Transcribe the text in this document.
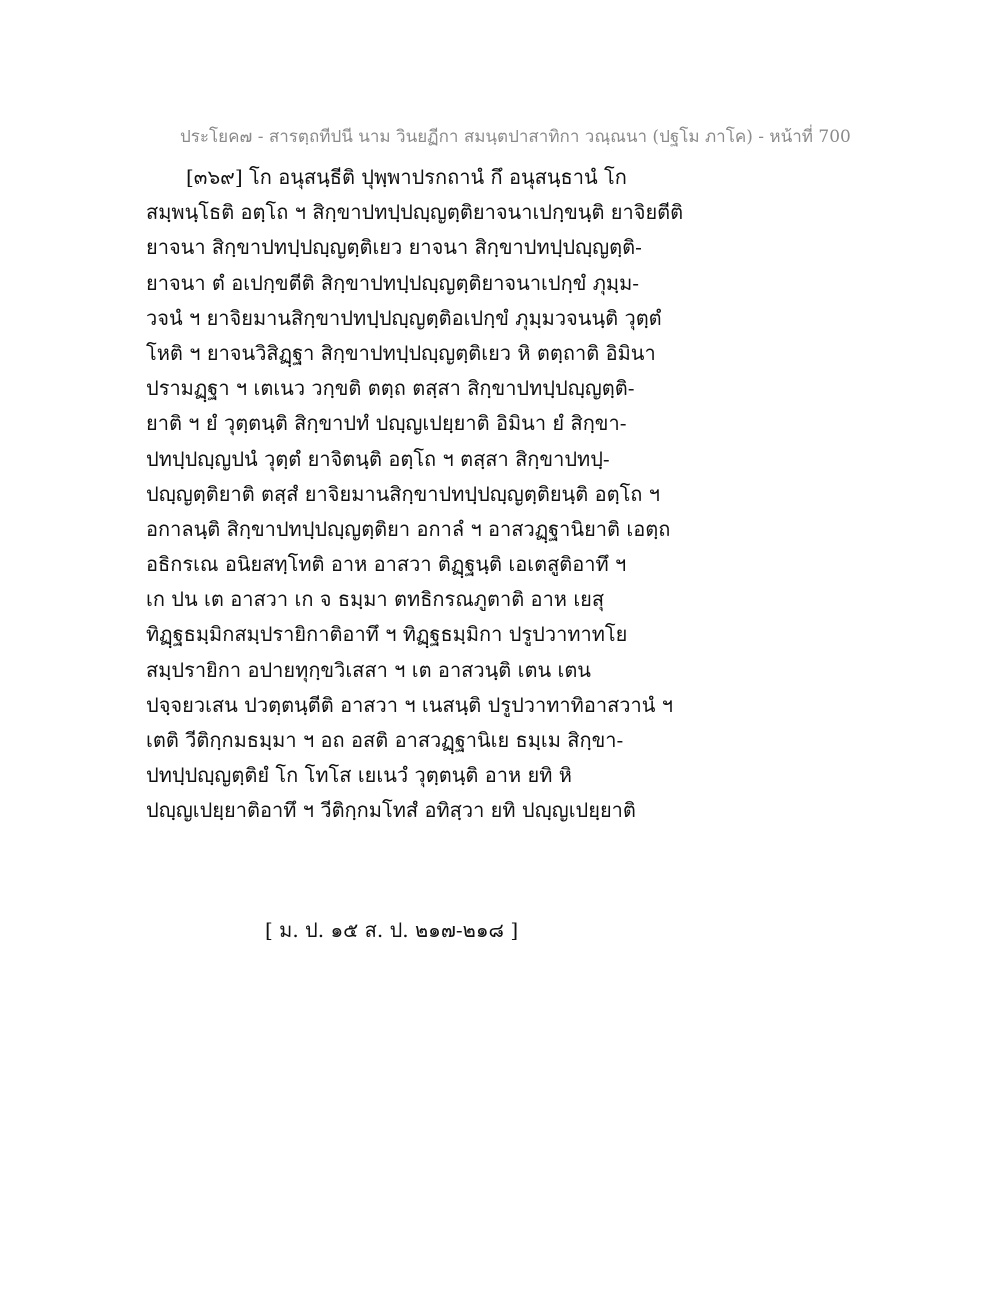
ประโยค๗ - สารตฺถทีปนี นาม วินยฏีกา สมนฺตปาสาทิกา วณฺณนา (ปฐโม ภาโค) - หน้าที่ 700
[๓๖๙] โก อนุสนฺธีติ ปุพฺพาปรกถานํ กึ อนุสนฺธานํ โก
สมฺพนฺโธติ อตฺโถ ฯ สิกฺขาปทปฺปญฺญตฺติยาจนาเปกฺขนฺติ ยาจิยตีติ
ยาจนา สิกฺขาปทปฺปญฺญตฺติเยว ยาจนา สิกฺขาปทปฺปญฺญตฺติ-
ยาจนา ตํ อเปกฺขตีติ สิกฺขาปทปฺปญฺญตฺติยาจนาเปกฺขํ ภุมฺม-
วจนํ ฯ ยาจิยมานสิกฺขาปทปฺปญฺญตฺติอเปกฺขํ ภุมฺมวจนนฺติ วุตฺตํ
โหติ ฯ ยาจนวิสิฏฺฐา สิกฺขาปทปฺปญฺญตฺติเยว หิ ตตฺถาติ อิมินา
ปรามฏฺฐา ฯ เตเนว วกฺขติ ตตฺถ ตสฺสา สิกฺขาปทปฺปญฺญตฺติ-
ยาติ ฯ ยํ วุตฺตนฺติ สิกฺขาปทํ ปญฺญเปยฺยาติ อิมินา ยํ สิกฺขา-
ปทปฺปญฺญปนํ วุตฺตํ ยาจิตนฺติ อตฺโถ ฯ ตสฺสา สิกฺขาปทปฺ-
ปญฺญตฺติยาติ ตสฺสํ ยาจิยมานสิกฺขาปทปฺปญฺญตฺติยนฺติ อตฺโถ ฯ
อกาลนฺติ สิกฺขาปทปฺปญฺญตฺติยา อกาลํ ฯ อาสวฏฺฐานิยาติ เอตฺถ
อธิกรเณ อนิยสทฺโทติ อาห อาสวา ติฏฺฐนฺติ เอเตสูติอาทึ ฯ
เก ปน เต อาสวา เก จ ธมฺมา ตทธิกรณภูตาติ อาห เยสุ
ทิฏฺฐธมฺมิกสมฺปรายิกาติอาทึ ฯ ทิฏฺฐธมฺมิกา ปรูปวาทาทโย
สมฺปรายิกา อปายทุกฺขวิเสสา ฯ เต อาสวนฺติ เตน เตน
ปจฺจยวเสน ปวตฺตนฺตีติ อาสวา ฯ เนสนฺติ ปรูปวาทาทิอาสวานํ ฯ
เตติ วีติกฺกมธมฺมา ฯ อถ อสติ อาสวฏฺฐานิเย ธมฺเม สิกฺขา-
ปทปฺปญฺญตฺติยํ โก โทโส เยเนวํ วุตฺตนฺติ อาห ยทิ หิ
ปญฺญเปยฺยาติอาทึ ฯ วีติกฺกมโทสํ อทิสฺวา ยทิ ปญฺญเปยฺยาติ
[ ม. ป. ๑๕ ส. ป. ๒๑๗-๒๑๘ ]
